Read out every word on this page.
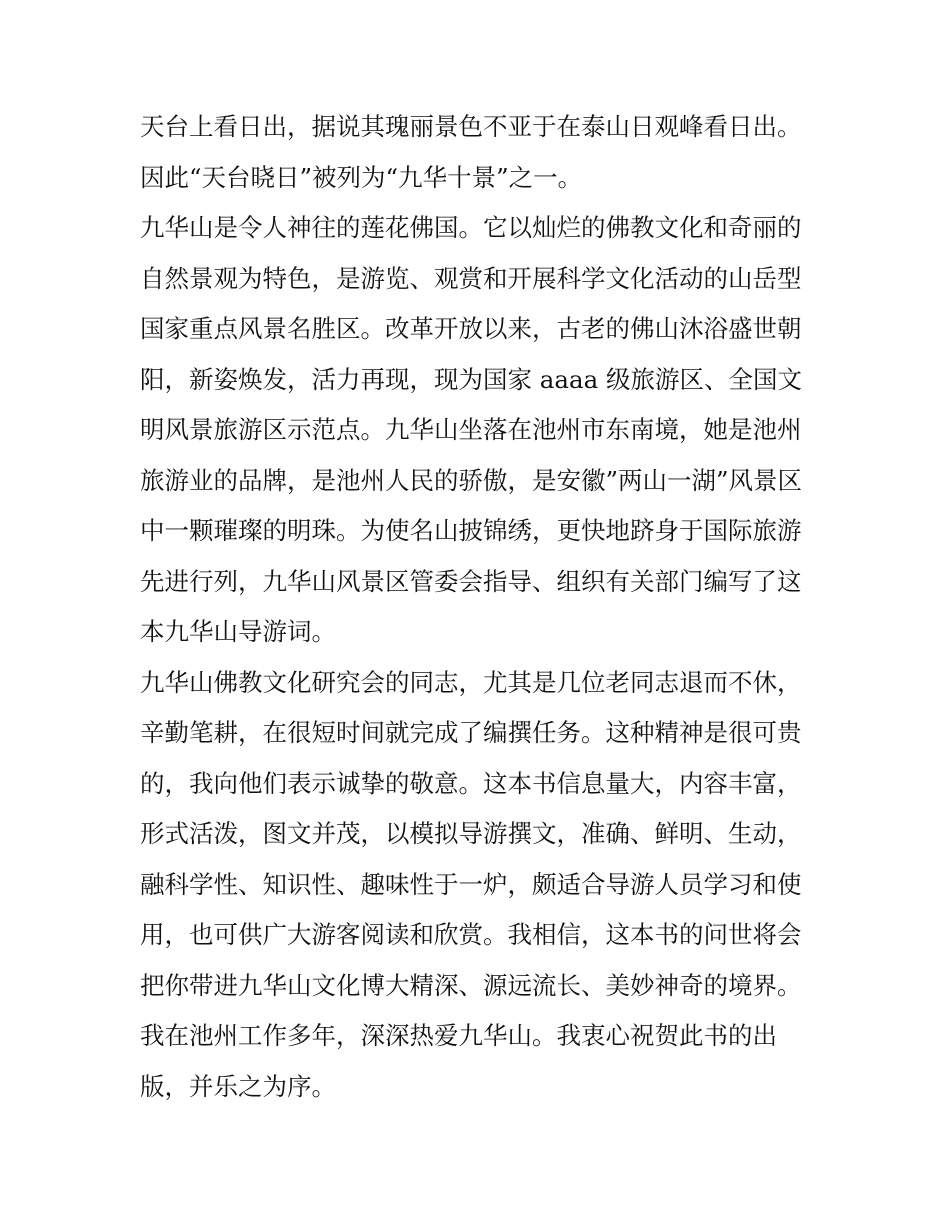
天台上看日出，据说其瑰丽景色不亚于在泰山日观峰看日出。
因此“天台晓日”被列为“九华十景”之一。
九华山是令人神往的莲花佛国。它以灿烂的佛教文化和奇丽的
自然景观为特色，是游览、观赏和开展科学文化活动的山岳型
国家重点风景名胜区。改革开放以来，古老的佛山沐浴盛世朝
阳，新姿焕发，活力再现，现为国家 aaaa 级旅游区、全国文
明风景旅游区示范点。九华山坐落在池州市东南境，她是池州
旅游业的品牌，是池州人民的骄傲，是安徽”两山一湖”风景区
中一颗璀璨的明珠。为使名山披锦绣，更快地跻身于国际旅游
先进行列，九华山风景区管委会指导、组织有关部门编写了这
本九华山导游词。
九华山佛教文化研究会的同志，尤其是几位老同志退而不休，
辛勤笔耕，在很短时间就完成了编撰任务。这种精神是很可贵
的，我向他们表示诚挚的敬意。这本书信息量大，内容丰富，
形式活泼，图文并茂，以模拟导游撰文，准确、鲜明、生动，
融科学性、知识性、趣味性于一炉，颇适合导游人员学习和使
用，也可供广大游客阅读和欣赏。我相信，这本书的问世将会
把你带进九华山文化博大精深、源远流长、美妙神奇的境界。
我在池州工作多年，深深热爱九华山。我衷心祝贺此书的出
版，并乐之为序。
